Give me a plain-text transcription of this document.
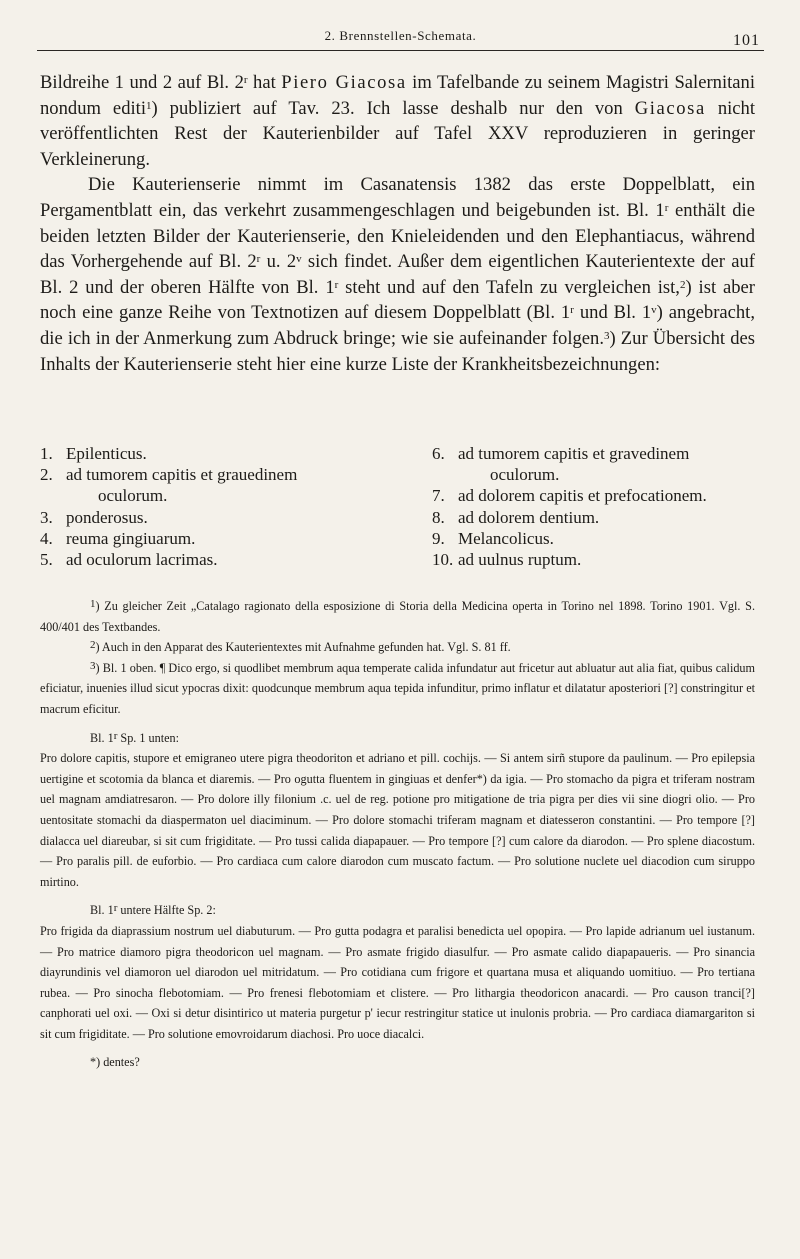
2. Brennstellen-Schemata.	101

Bildreihe 1 und 2 auf Bl. 2$^r$ hat Piero Giacosa im Tafelbande zu seinem Magistri Salernitani nondum editi$^1$) publiziert auf Tav. 23. Ich lasse deshalb nur den von Giacosa nicht veröffentlichten Rest der Kauterienbilder auf Tafel XXV reproduzieren in geringer Verkleinerung.

Die Kauterienserie nimmt im Casanatensis 1382 das erste Doppelblatt, ein Pergamentblatt ein, das verkehrt zusammengeschlagen und beigebunden ist. Bl. 1$^r$ enthält die beiden letzten Bilder der Kauterienserie, den Knieleidenden und den Elephantiacus, während das Vorhergehende auf Bl. 2$^r$ u. 2$^v$ sich findet. Außer dem eigentlichen Kauterientexte der auf Bl. 2 und der oberen Hälfte von Bl. 1$^r$ steht und auf den Tafeln zu vergleichen ist,$^2$) ist aber noch eine ganze Reihe von Textnotizen auf diesem Doppelblatt (Bl. 1$^r$ und Bl. 1$^v$) angebracht, die ich in der Anmerkung zum Abdruck bringe; wie sie aufeinander folgen.$^3$) Zur Übersicht des Inhalts der Kauterienserie steht hier eine kurze Liste der Krankheitsbezeichnungen:

1. Epilenticus.
2. ad tumorem capitis et grauedinem
oculorum.
3. ponderosus.
4. reuma gingiuarum.
5. ad oculorum lacrimas.
6. ad tumorem capitis et gravedinem
oculorum.
7. ad dolorem capitis et prefocationem.
8. ad dolorem dentium.
9. Melancolicus.
10. ad uulnus ruptum.

1) Zu gleicher Zeit „Catalago ragionato della esposizione di Storia della Medicina operta in Torino nel 1898. Torino 1901. Vgl. S. 400/401 des Textbandes.

2) Auch in den Apparat des Kauterientextes mit Aufnahme gefunden hat. Vgl. S. 81 ff.

3) Bl. 1 oben. ¶ Dico ergo, si quodlibet membrum aqua temperate calida infundatur aut fricetur aut abluatur aut alia fiat, quibus calidum eficiatur, inuenies illud sicut ypocras dixit: quodcunque membrum aqua tepida infunditur, primo inflatur et dilatatur aposteriori [?] constringitur et macrum eficitur.

Bl. 1r Sp. 1 unten:

Pro dolore capitis, stupore et emigraneo utere pigra theodoriton et adriano et pill. cochijs. — Si antem sirñ stupore da paulinum. — Pro epilepsia uertigine et scotomia da blanca et diaremis. — Pro ogutta fluentem in gingiuas et denfer*) da igia. — Pro stomacho da pigra et triferam nostram uel magnam amdiatresaron. — Pro dolore illy filonium .c. uel de reg. potione pro mitigatione de tria pigra per dies vii sine diogri olio. — Pro uentositate stomachi da diaspermaton uel diaciminum. — Pro dolore stomachi triferam magnam et diatesseron constantini. — Pro tempore [?] dialacca uel diareubar, si sit cum frigiditate. — Pro tussi calida diapapauer. — Pro tempore [?] cum calore da diarodon. — Pro splene diacostum. — Pro paralis pill. de euforbio. — Pro cardiaca cum calore diarodon cum muscato factum. — Pro solutione nuclete uel diacodion cum siruppo mirtino.

Bl. 1r untere Hälfte Sp. 2:

Pro frigida da diaprassium nostrum uel diabuturum. — Pro gutta podagra et paralisi benedicta uel opopira. — Pro lapide adrianum uel iustanum. — Pro matrice diamoro pigra theodoricon uel magnam. — Pro asmate frigido diasulfur. — Pro asmate calido diapapaueris. — Pro sinancia diayrundinis vel diamoron uel diarodon uel mitridatum. — Pro cotidiana cum frigore et quartana musa et aliquando uomitiuo. — Pro tertiana rubea. — Pro sinocha flebotomiam. — Pro frenesi flebotomiam et clistere. — Pro lithargia theodoricon anacardi. — Pro causon tranci[?] canphorati uel oxi. — Oxi si detur disintirico ut materia purgetur p' iecur restringitur statice ut inulonis probria. — Pro cardiaca diamargariton si sit cum frigiditate. — Pro solutione emovroidarum diachosi. Pro uoce diacalci.

*) dentes?
